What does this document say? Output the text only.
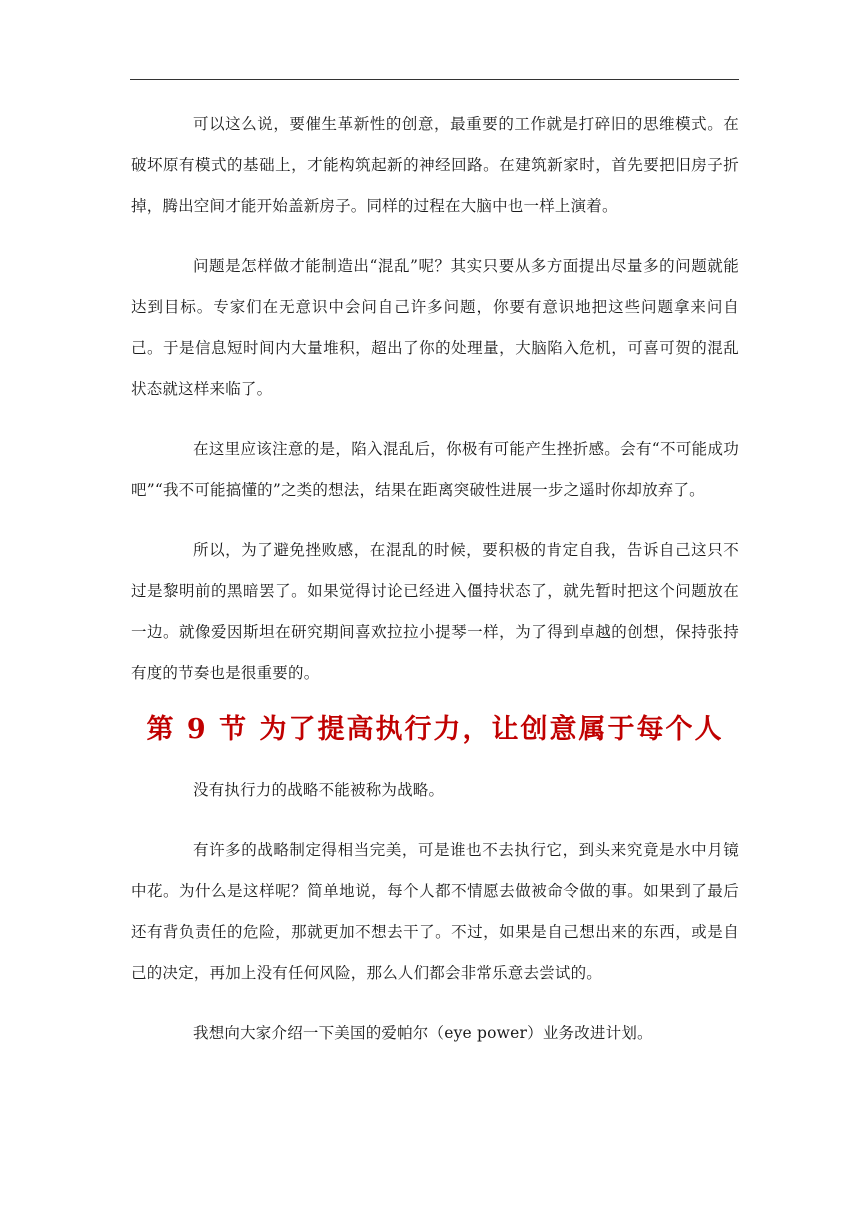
可以这么说，要催生革新性的创意，最重要的工作就是打碎旧的思维模式。在破坏原有模式的基础上，才能构筑起新的神经回路。在建筑新家时，首先要把旧房子折掉，腾出空间才能开始盖新房子。同样的过程在大脑中也一样上演着。

问题是怎样做才能制造出“混乱”呢？其实只要从多方面提出尽量多的问题就能达到目标。专家们在无意识中会问自己许多问题，你要有意识地把这些问题拿来问自己。于是信息短时间内大量堆积，超出了你的处理量，大脑陷入危机，可喜可贺的混乱状态就这样来临了。

在这里应该注意的是，陷入混乱后，你极有可能产生挫折感。会有“不可能成功吧”“我不可能搞懂的”之类的想法，结果在距离突破性进展一步之遥时你却放弃了。

所以，为了避免挫败感，在混乱的时候，要积极的肯定自我，告诉自己这只不过是黎明前的黑暗罢了。如果觉得讨论已经进入僵持状态了，就先暂时把这个问题放在一边。就像爱因斯坦在研究期间喜欢拉拉小提琴一样，为了得到卓越的创想，保持张持有度的节奏也是很重要的。

第 9 节 为了提高执行力，让创意属于每个人

没有执行力的战略不能被称为战略。

有许多的战略制定得相当完美，可是谁也不去执行它，到头来究竟是水中月镜中花。为什么是这样呢？简单地说，每个人都不情愿去做被命令做的事。如果到了最后还有背负责任的危险，那就更加不想去干了。不过，如果是自己想出来的东西，或是自己的决定，再加上没有任何风险，那么人们都会非常乐意去尝试的。

我想向大家介绍一下美国的爱帕尔（eye power）业务改进计划。
